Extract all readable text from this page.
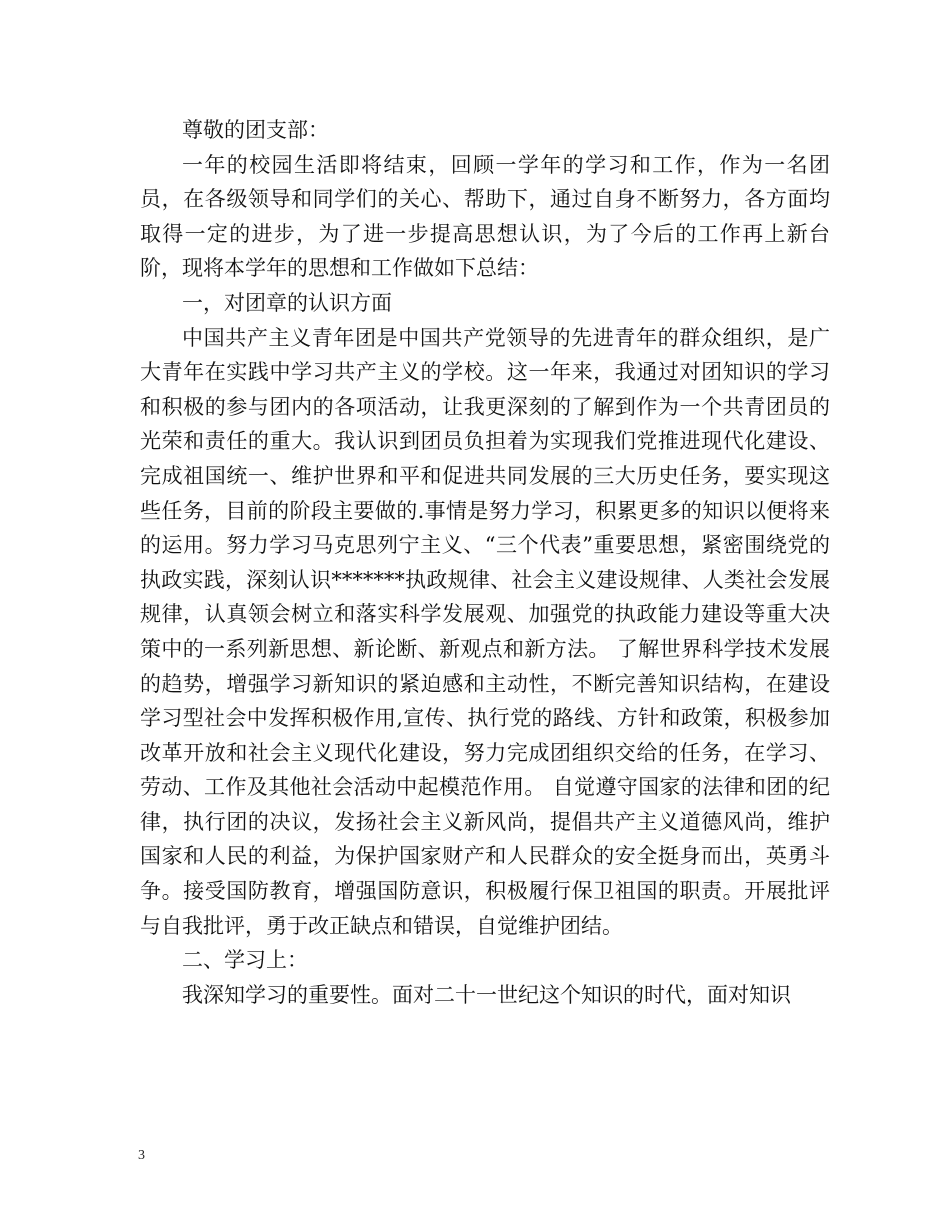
尊敬的团支部：

一年的校园生活即将结束，回顾一学年的学习和工作，作为一名团员，在各级领导和同学们的关心、帮助下，通过自身不断努力，各方面均取得一定的进步，为了进一步提高思想认识，为了今后的工作再上新台阶，现将本学年的思想和工作做如下总结：

一，对团章的认识方面

中国共产主义青年团是中国共产党领导的先进青年的群众组织，是广大青年在实践中学习共产主义的学校。这一年来，我通过对团知识的学习和积极的参与团内的各项活动，让我更深刻的了解到作为一个共青团员的光荣和责任的重大。我认识到团员负担着为实现我们党推进现代化建设、完成祖国统一、维护世界和平和促进共同发展的三大历史任务，要实现这些任务，目前的阶段主要做的.事情是努力学习，积累更多的知识以便将来的运用。努力学习马克思列宁主义、“三个代表”重要思想，紧密围绕党的执政实践，深刻认识*******执政规律、社会主义建设规律、人类社会发展规律，认真领会树立和落实科学发展观、加强党的执政能力建设等重大决策中的一系列新思想、新论断、新观点和新方法。 了解世界科学技术发展的趋势，增强学习新知识的紧迫感和主动性，不断完善知识结构，在建设学习型社会中发挥积极作用,宣传、执行党的路线、方针和政策，积极参加改革开放和社会主义现代化建设，努力完成团组织交给的任务，在学习、劳动、工作及其他社会活动中起模范作用。 自觉遵守国家的法律和团的纪律，执行团的决议，发扬社会主义新风尚，提倡共产主义道德风尚，维护国家和人民的利益，为保护国家财产和人民群众的安全挺身而出，英勇斗争。接受国防教育，增强国防意识，积极履行保卫祖国的职责。开展批评与自我批评，勇于改正缺点和错误，自觉维护团结。

二、学习上：

我深知学习的重要性。面对二十一世纪这个知识的时代，面对知识

3
